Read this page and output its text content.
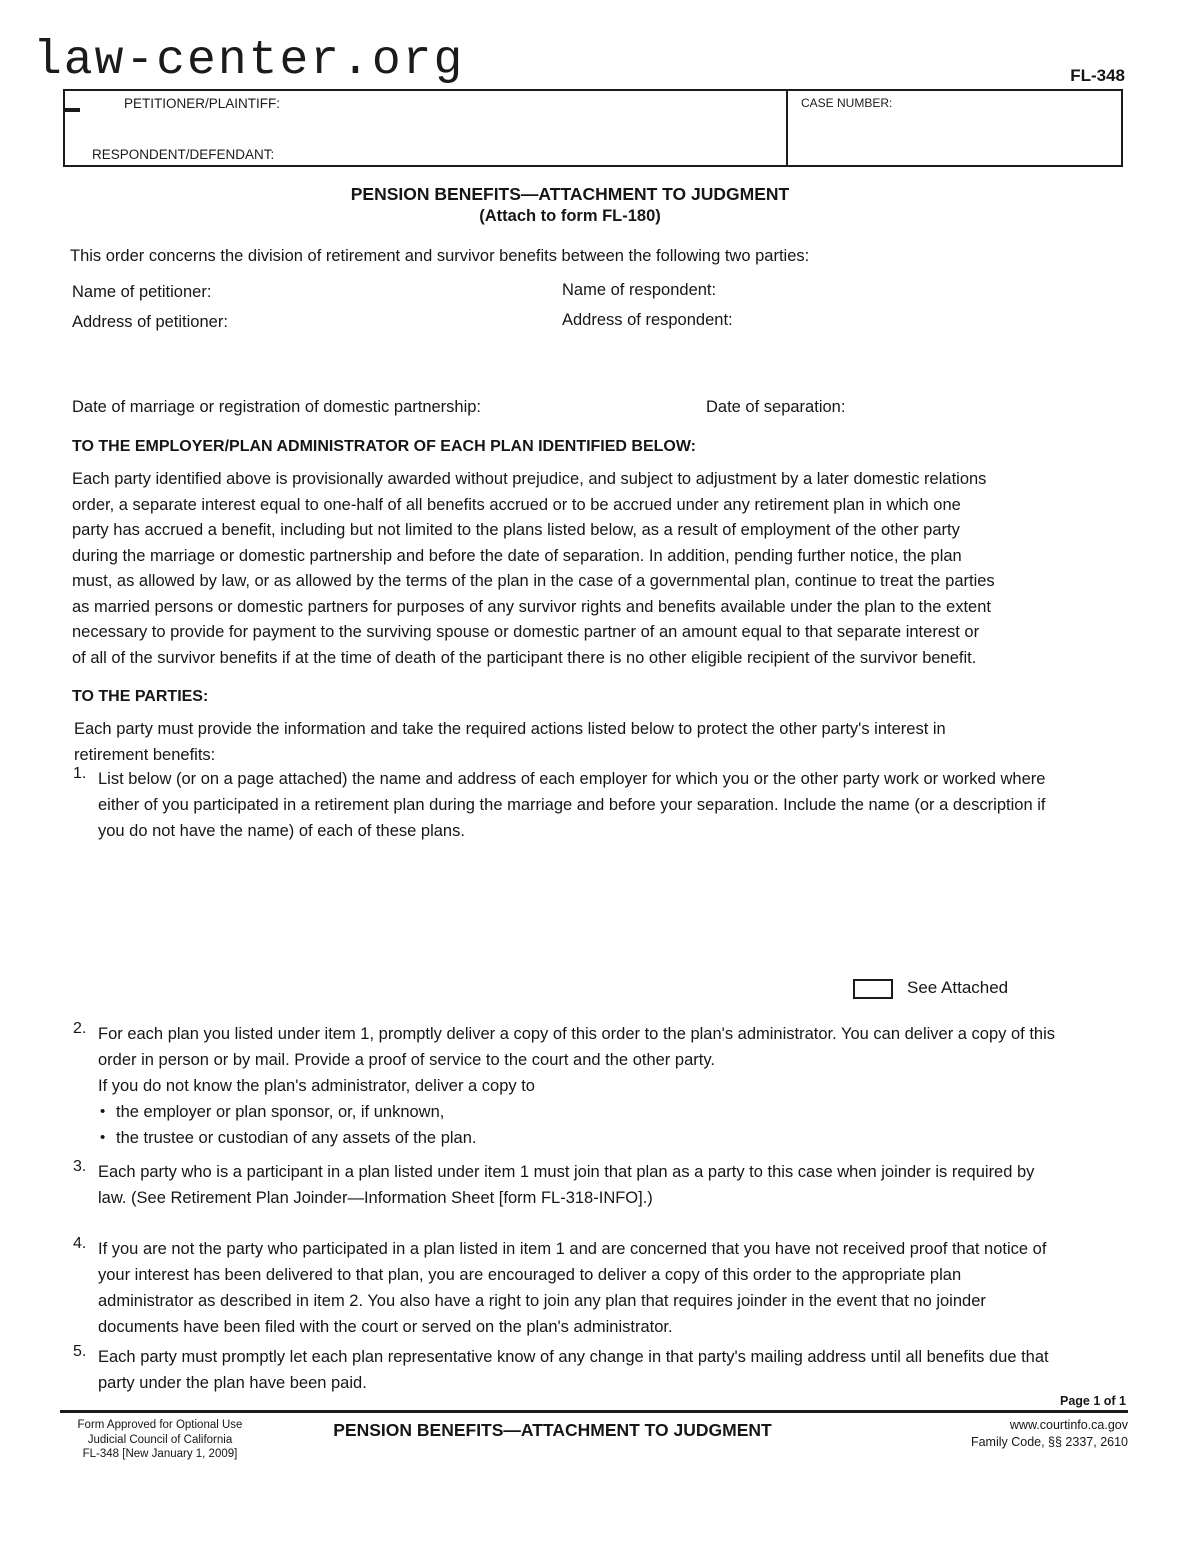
law-center.org	FL-348
PETITIONER/PLAINTIFF:
RESPONDENT/DEFENDANT:
CASE NUMBER:
PENSION BENEFITS—ATTACHMENT TO JUDGMENT
(Attach to form FL-180)
This order concerns the division of retirement and survivor benefits between the following two parties:
Name of petitioner:	Name of respondent:
Address of petitioner:	Address of respondent:
Date of marriage or registration of domestic partnership:	Date of separation:
TO THE EMPLOYER/PLAN ADMINISTRATOR OF EACH PLAN IDENTIFIED BELOW:
Each party identified above is provisionally awarded without prejudice, and subject to adjustment by a later domestic relations
order, a separate interest equal to one-half of all benefits accrued or to be accrued under any retirement plan in which one
party has accrued a benefit, including but not limited to the plans listed below, as a result of employment of the other party
during the marriage or domestic partnership and before the date of separation. In addition, pending further notice, the plan
must, as allowed by law, or as allowed by the terms of the plan in the case of a governmental plan, continue to treat the parties
as married persons or domestic partners for purposes of any survivor rights and benefits available under the plan to the extent
necessary to provide for payment to the surviving spouse or domestic partner of an amount equal to that separate interest or
of all of the survivor benefits if at the time of death of the participant there is no other eligible recipient of the survivor benefit.
TO THE PARTIES:
Each party must provide the information and take the required actions listed below to protect the other party's interest in
retirement benefits:
1. List below (or on a page attached) the name and address of each employer for which you or the other party work or worked where
either of you participated in a retirement plan during the marriage and before your separation. Include the name (or a description if
you do not have the name) of each of these plans.
See Attached
2. For each plan you listed under item 1, promptly deliver a copy of this order to the plan's administrator. You can deliver a copy of this
order in person or by mail. Provide a proof of service to the court and the other party.
If you do not know the plan's administrator, deliver a copy to
• the employer or plan sponsor, or, if unknown,
• the trustee or custodian of any assets of the plan.
3. Each party who is a participant in a plan listed under item 1 must join that plan as a party to this case when joinder is required by
law. (See Retirement Plan Joinder—Information Sheet [form FL-318-INFO].)
4. If you are not the party who participated in a plan listed in item 1 and are concerned that you have not received proof that notice of
your interest has been delivered to that plan, you are encouraged to deliver a copy of this order to the appropriate plan
administrator as described in item 2. You also have a right to join any plan that requires joinder in the event that no joinder
documents have been filed with the court or served on the plan's administrator.
5. Each party must promptly let each plan representative know of any change in that party's mailing address until all benefits due that
party under the plan have been paid.
Page 1 of 1
Form Approved for Optional Use
Judicial Council of California
FL-348 [New January 1, 2009]
PENSION BENEFITS—ATTACHMENT TO JUDGMENT	www.courtinfo.ca.gov
Family Code, §§ 2337, 2610
